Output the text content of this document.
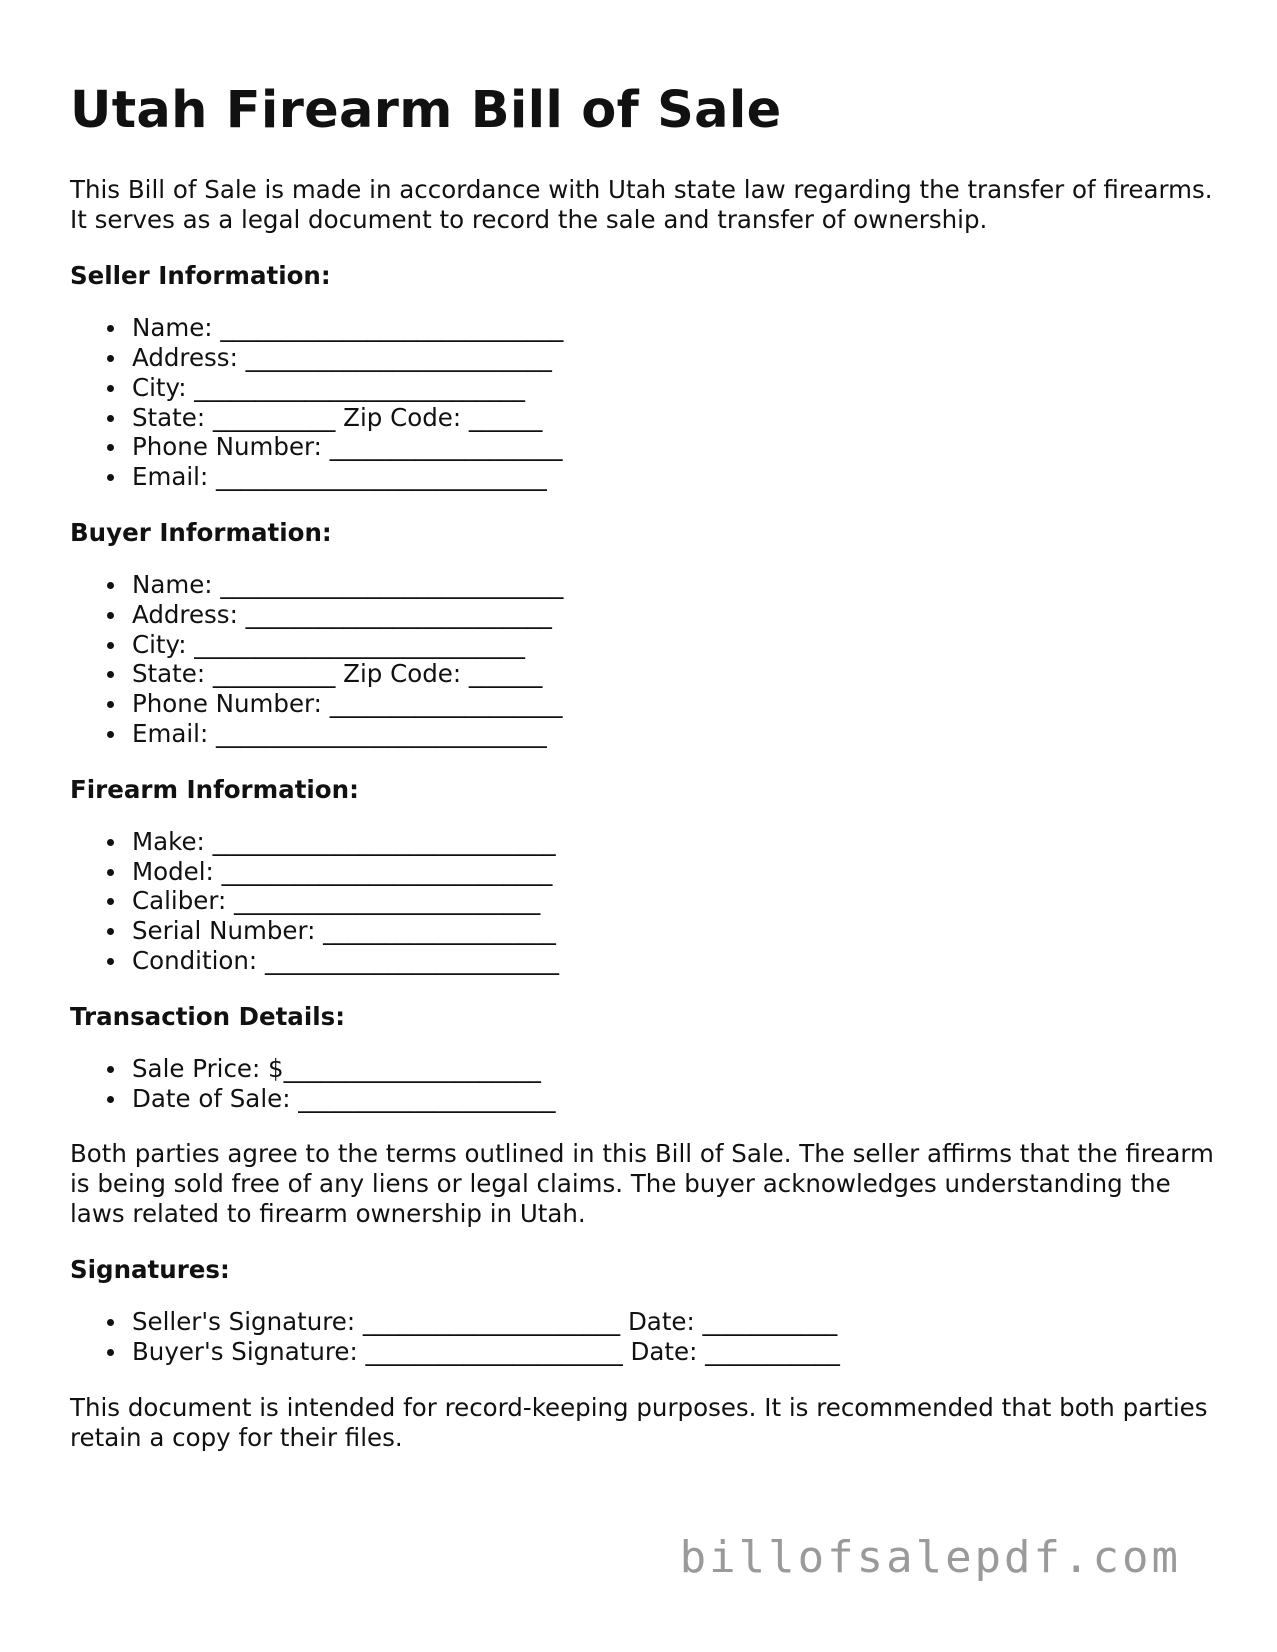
Utah Firearm Bill of Sale

This Bill of Sale is made in accordance with Utah state law regarding the transfer of firearms. It serves as a legal document to record the sale and transfer of ownership.

Seller Information:
Name: ____________________________
Address: _________________________
City: ___________________________
State: __________ Zip Code: ______
Phone Number: ___________________
Email: ___________________________
Buyer Information:
Name: ____________________________
Address: _________________________
City: ___________________________
State: __________ Zip Code: ______
Phone Number: ___________________
Email: ___________________________
Firearm Information:
Make: ____________________________
Model: ___________________________
Caliber: _________________________
Serial Number: ___________________
Condition: ________________________
Transaction Details:
Sale Price: $_____________________
Date of Sale: _____________________

Both parties agree to the terms outlined in this Bill of Sale. The seller affirms that the firearm is being sold free of any liens or legal claims. The buyer acknowledges understanding the laws related to firearm ownership in Utah.

Signatures:
Seller's Signature: _____________________ Date: ___________
Buyer's Signature: _____________________ Date: ___________

This document is intended for record-keeping purposes. It is recommended that both parties retain a copy for their files.

billofsalepdf.com
